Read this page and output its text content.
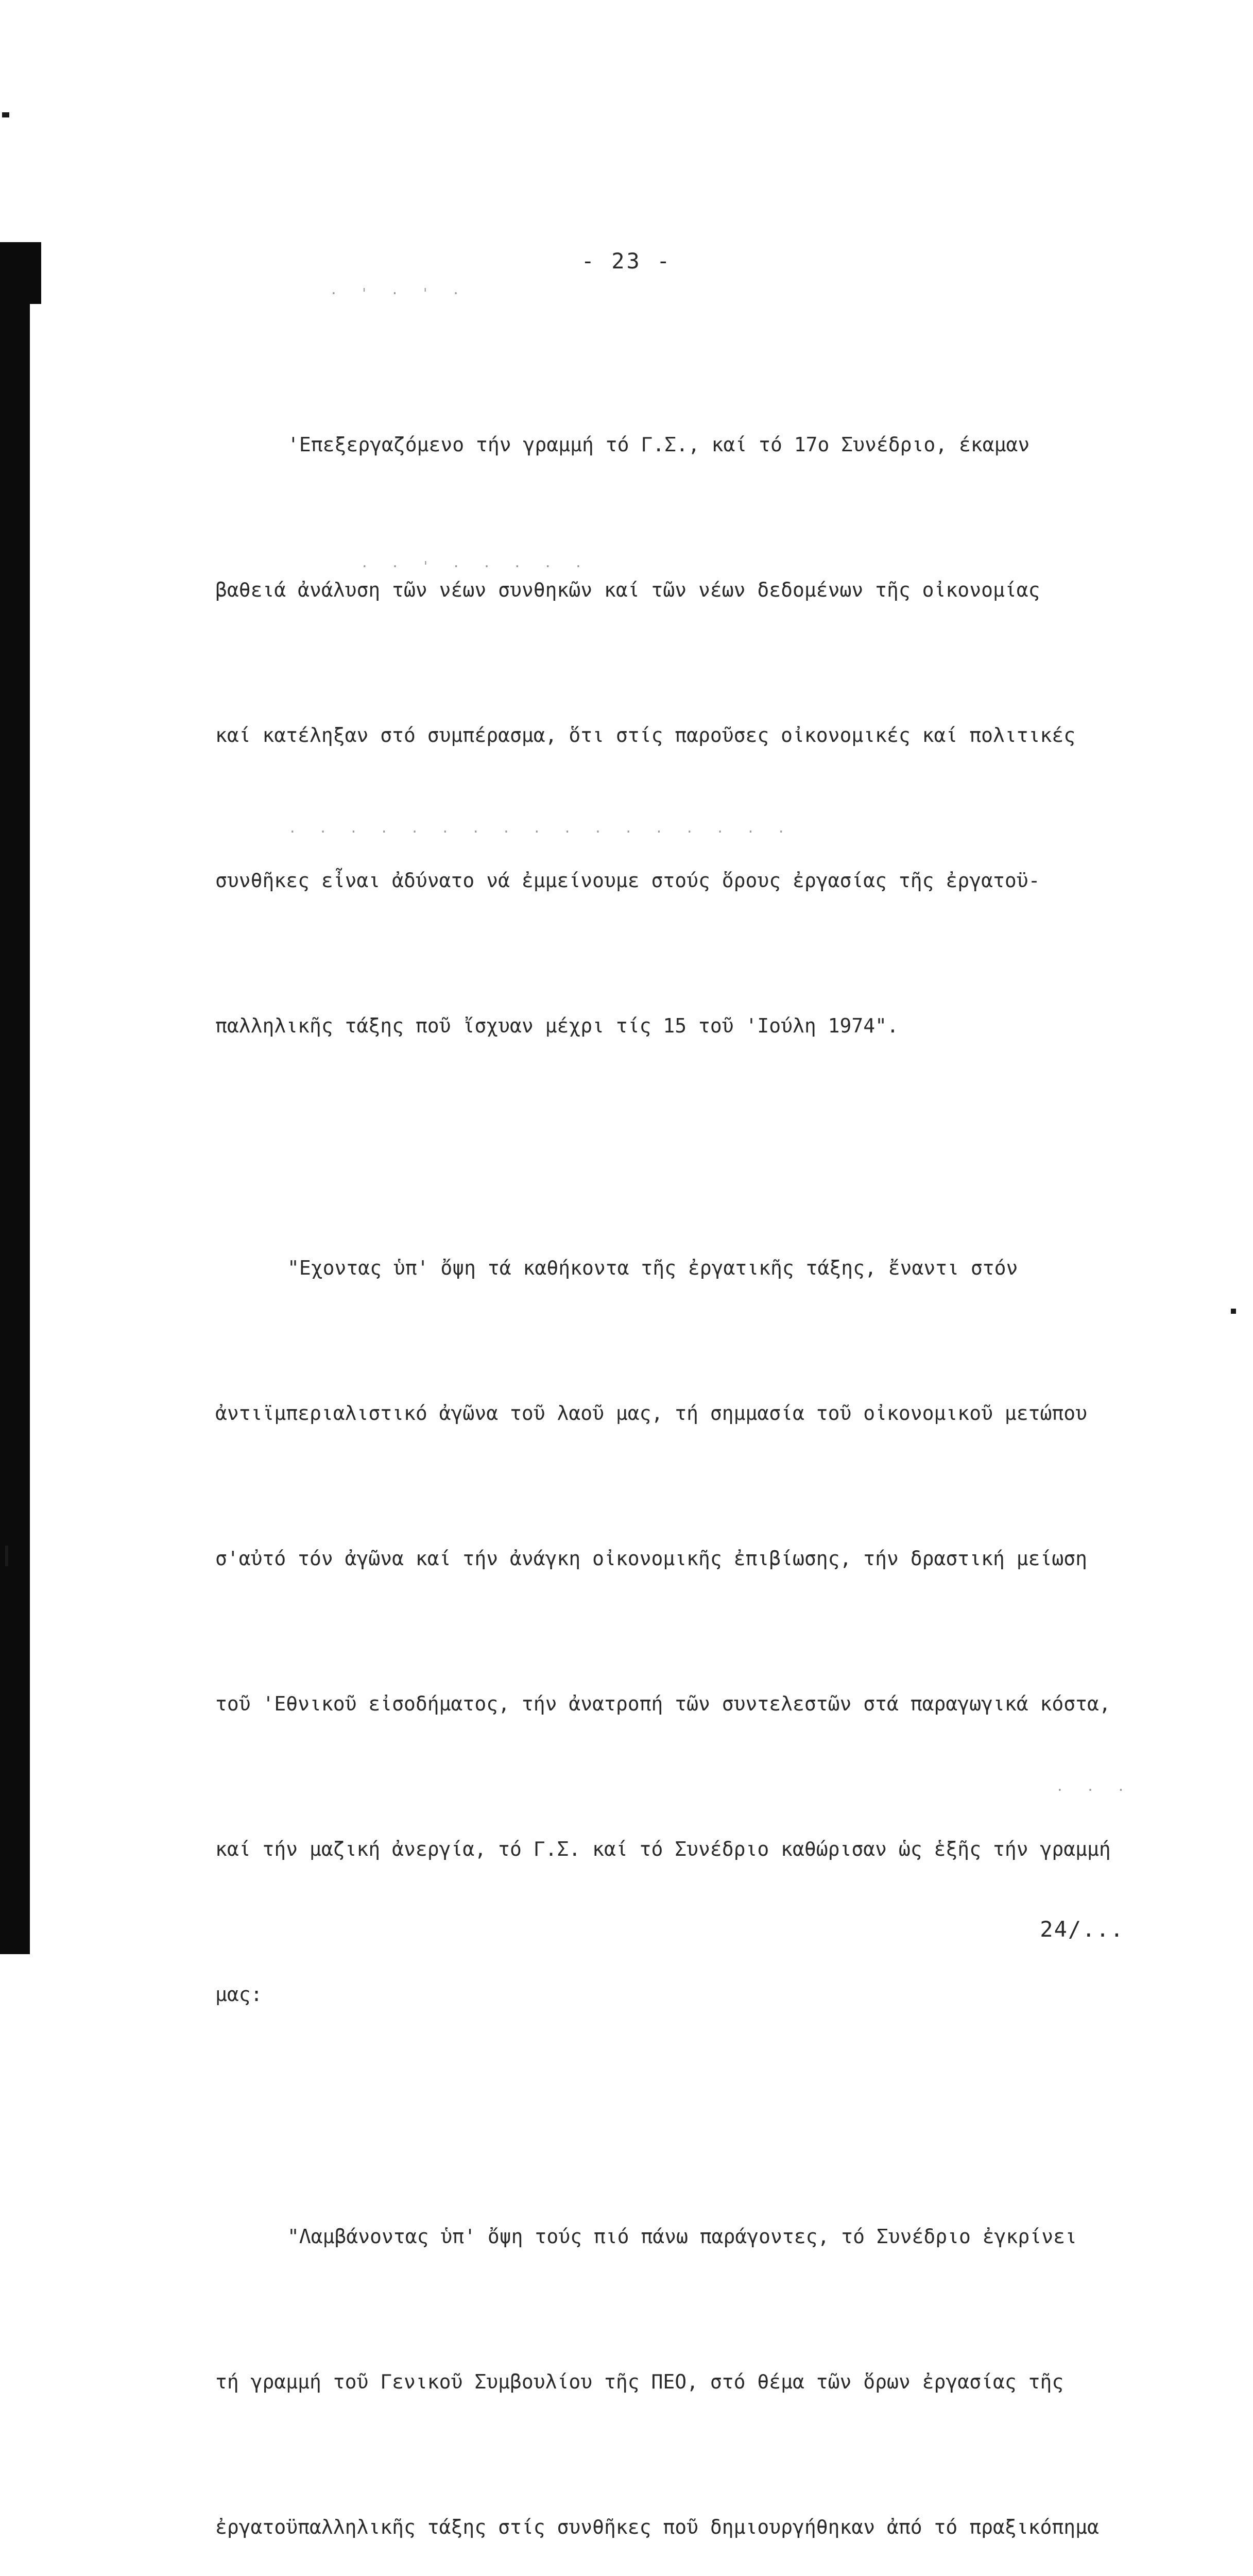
· ' · ' ·
· · ' · · · · ·
· · · · · · · · · · · · · · · · ·
· · ·
- 23 -

'Επεξεργαζόμενο τήν γραμμή τό Γ.Σ., καί τό 17ο Συνέδριο, έκαμαν

βαθειά ἀνάλυση τῶν νέων συνθηκῶν καί τῶν νέων δεδομένων τῆς οἰκονομίας

καί κατέληξαν στό συμπέρασμα, ὅτι στίς παροῦσες οἰκονομικές καί πολιτικές

συνθῆκες εἶναι ἀδύνατο νά ἐμμείνουμε στούς ὅρους ἐργασίας τῆς ἐργατοϋ-

παλληλικῆς τάξης ποῦ ἴσχυαν μέχρι τίς 15 τοῦ 'Ιούλη 1974".

"Εχοντας ὑπ' ὄψη τά καθήκοντα τῆς ἐργατικῆς τάξης, ἔναντι στόν

ἀντιϊμπεριαλιστικό ἀγῶνα τοῦ λαοῦ μας, τή σημμασία τοῦ οἰκονομικοῦ μετώπου

σ'αὐτό τόν ἀγῶνα καί τήν ἀνάγκη οἰκονομικῆς ἐπιβίωσης, τήν δραστική μείωση

τοῦ 'Εθνικοῦ εἰσοδήματος, τήν ἀνατροπή τῶν συντελεστῶν στά παραγωγικά κόστα,

καί τήν μαζική ἀνεργία, τό Γ.Σ. καί τό Συνέδριο καθώρισαν ὡς ἑξῆς τήν γραμμή

μας:

"Λαμβάνοντας ὑπ' ὄψη τούς πιό πάνω παράγοντες, τό Συνέδριο ἐγκρίνει

τή γραμμή τοῦ Γενικοῦ Συμβουλίου τῆς ΠΕΟ, στό θέμα τῶν ὅρων ἐργασίας τῆς

ἐργατοϋπαλληλικῆς τάξης στίς συνθῆκες ποῦ δημιουργήθηκαν ἀπό τό πραξικόπημα

24/...
